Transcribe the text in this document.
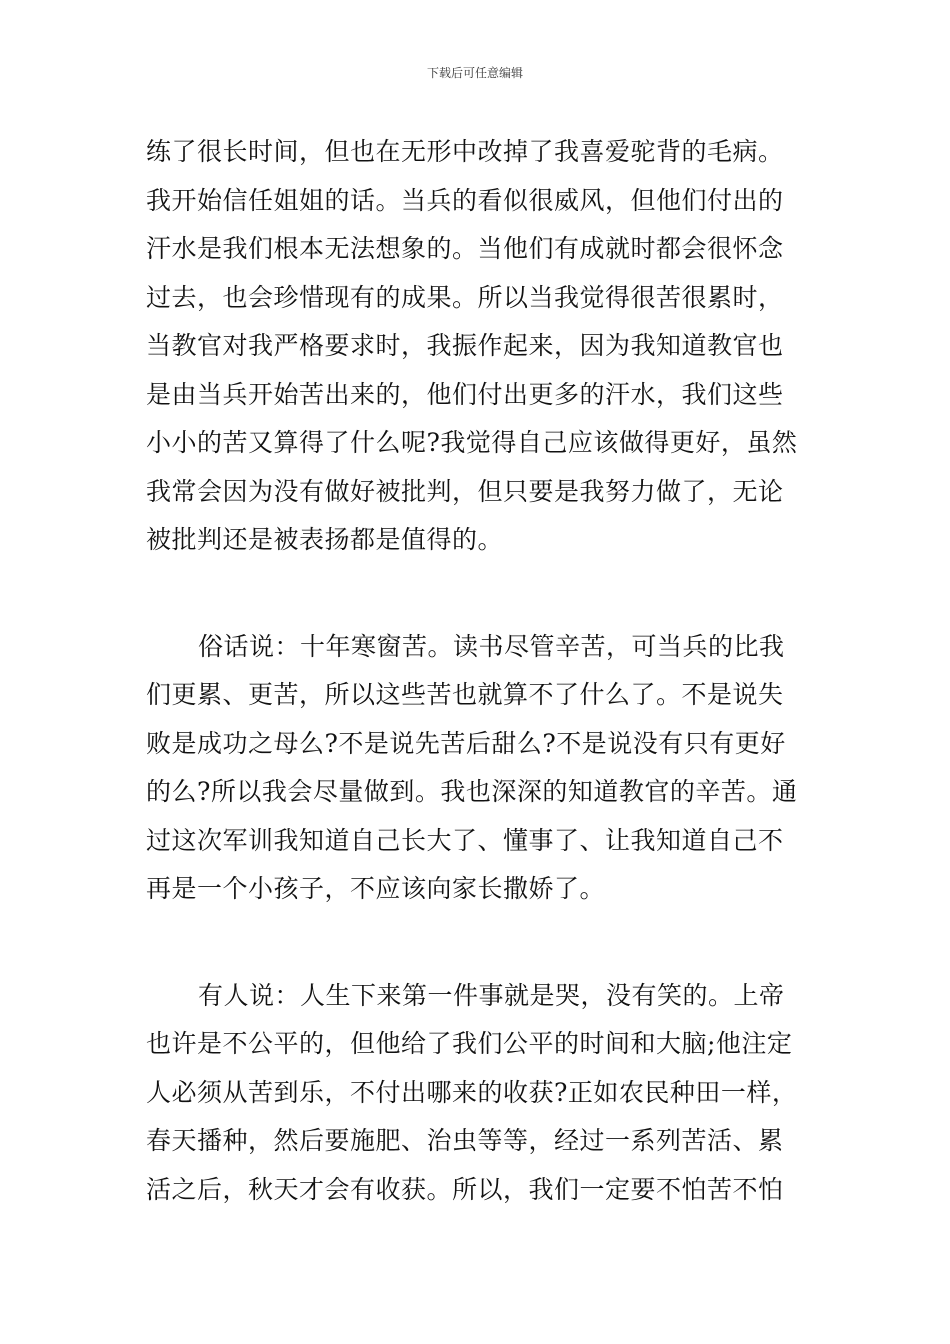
下载后可任意编辑
练了很长时间，但也在无形中改掉了我喜爱驼背的毛病。
我开始信任姐姐的话。当兵的看似很威风，但他们付出的
汗水是我们根本无法想象的。当他们有成就时都会很怀念
过去，也会珍惜现有的成果。所以当我觉得很苦很累时，
当教官对我严格要求时，我振作起来，因为我知道教官也
是由当兵开始苦出来的，他们付出更多的汗水，我们这些
小小的苦又算得了什么呢?我觉得自己应该做得更好，虽然
我常会因为没有做好被批判，但只要是我努力做了，无论
被批判还是被表扬都是值得的。
俗话说：十年寒窗苦。读书尽管辛苦，可当兵的比我
们更累、更苦，所以这些苦也就算不了什么了。不是说失
败是成功之母么?不是说先苦后甜么?不是说没有只有更好
的么?所以我会尽量做到。我也深深的知道教官的辛苦。通
过这次军训我知道自己长大了、懂事了、让我知道自己不
再是一个小孩子，不应该向家长撒娇了。
有人说：人生下来第一件事就是哭，没有笑的。上帝
也许是不公平的，但他给了我们公平的时间和大脑;他注定
人必须从苦到乐，不付出哪来的收获?正如农民种田一样，
春天播种，然后要施肥、治虫等等，经过一系列苦活、累
活之后，秋天才会有收获。所以，我们一定要不怕苦不怕
